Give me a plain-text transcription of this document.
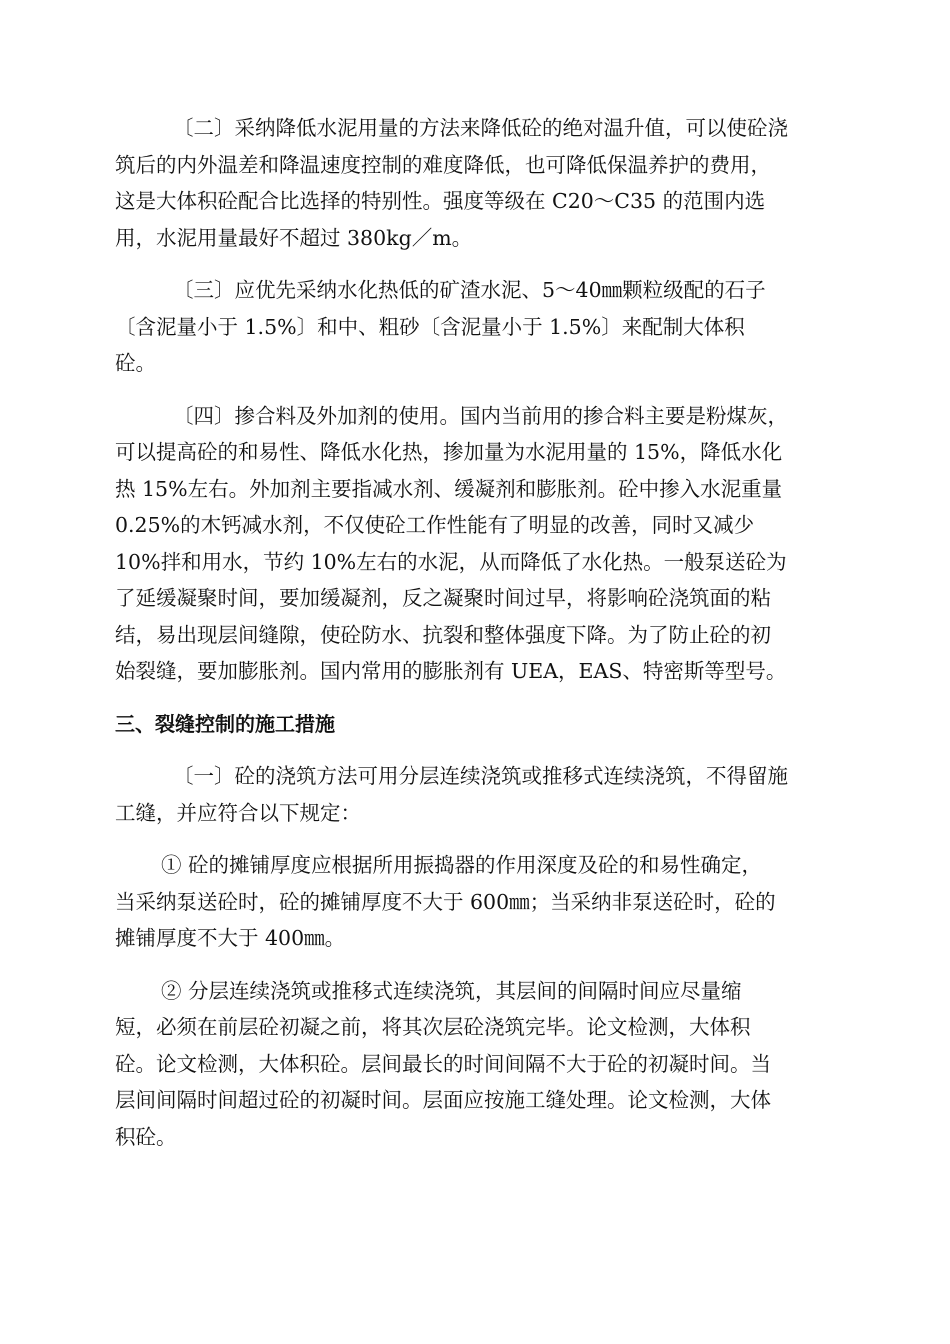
〔二〕采纳降低水泥用量的方法来降低砼的绝对温升值，可以使砼浇
筑后的内外温差和降温速度控制的难度降低，也可降低保温养护的费用，
这是大体积砼配合比选择的特别性。强度等级在 C20～C35 的范围内选
用，水泥用量最好不超过 380kg／m。
〔三〕应优先采纳水化热低的矿渣水泥、5～40㎜颗粒级配的石子
〔含泥量小于 1.5%〕和中、粗砂〔含泥量小于 1.5%〕来配制大体积
砼。
〔四〕掺合料及外加剂的使用。国内当前用的掺合料主要是粉煤灰，
可以提高砼的和易性、降低水化热，掺加量为水泥用量的 15%，降低水化
热 15%左右。外加剂主要指减水剂、缓凝剂和膨胀剂。砼中掺入水泥重量
0.25%的木钙减水剂，不仅使砼工作性能有了明显的改善，同时又减少
10%拌和用水，节约 10%左右的水泥，从而降低了水化热。一般泵送砼为
了延缓凝聚时间，要加缓凝剂，反之凝聚时间过早，将影响砼浇筑面的粘
结，易出现层间缝隙，使砼防水、抗裂和整体强度下降。为了防止砼的初
始裂缝，要加膨胀剂。国内常用的膨胀剂有 UEA，EAS、特密斯等型号。
三、裂缝控制的施工措施
〔一〕砼的浇筑方法可用分层连续浇筑或推移式连续浇筑，不得留施
工缝，并应符合以下规定：
① 砼的摊铺厚度应根据所用振捣器的作用深度及砼的和易性确定，
当采纳泵送砼时，砼的摊铺厚度不大于 600㎜；当采纳非泵送砼时，砼的
摊铺厚度不大于 400㎜。
② 分层连续浇筑或推移式连续浇筑，其层间的间隔时间应尽量缩
短，必须在前层砼初凝之前，将其次层砼浇筑完毕。论文检测，大体积
砼。论文检测，大体积砼。层间最长的时间间隔不大于砼的初凝时间。当
层间间隔时间超过砼的初凝时间。层面应按施工缝处理。论文检测，大体
积砼。
